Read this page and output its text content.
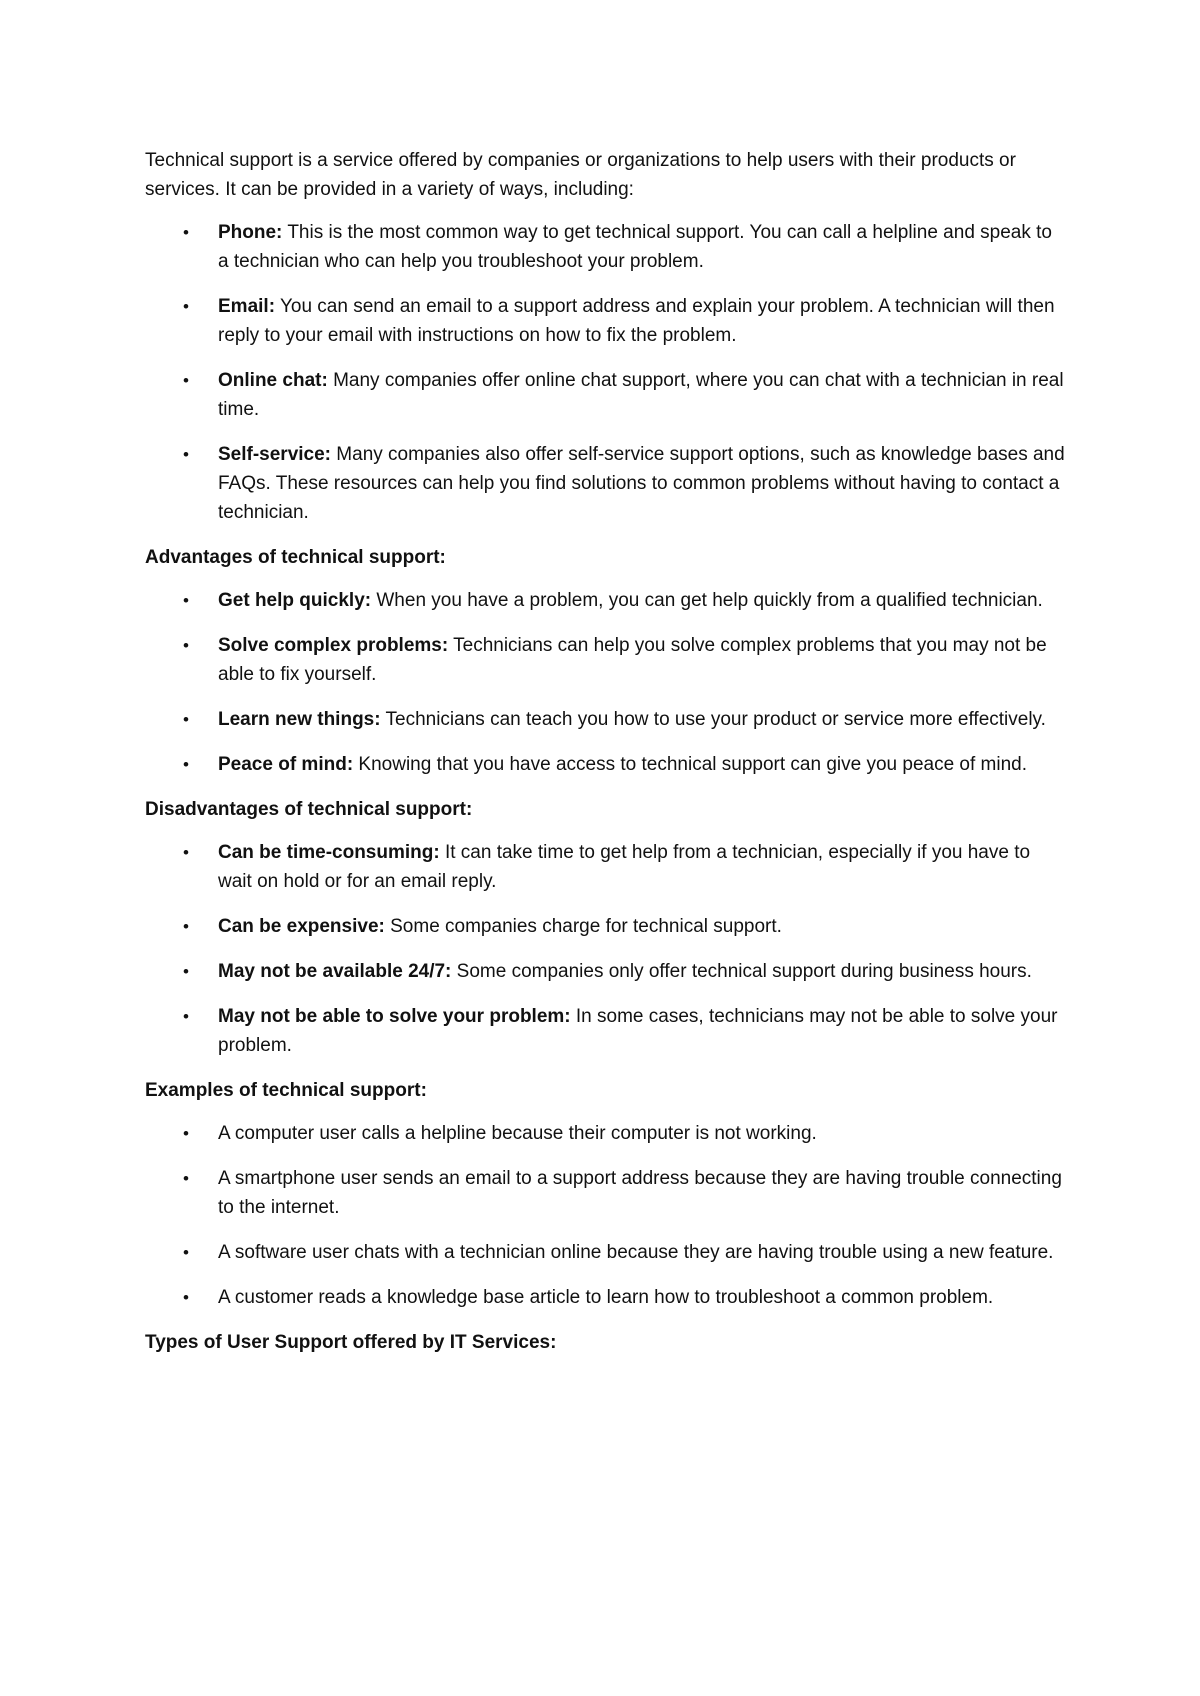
Technical support is a service offered by companies or organizations to help users with their products or services. It can be provided in a variety of ways, including:

• Phone: This is the most common way to get technical support. You can call a helpline and speak to a technician who can help you troubleshoot your problem.
• Email: You can send an email to a support address and explain your problem. A technician will then reply to your email with instructions on how to fix the problem.
• Online chat: Many companies offer online chat support, where you can chat with a technician in real time.
• Self-service: Many companies also offer self-service support options, such as knowledge bases and FAQs. These resources can help you find solutions to common problems without having to contact a technician.

Advantages of technical support:

• Get help quickly: When you have a problem, you can get help quickly from a qualified technician.
• Solve complex problems: Technicians can help you solve complex problems that you may not be able to fix yourself.
• Learn new things: Technicians can teach you how to use your product or service more effectively.
• Peace of mind: Knowing that you have access to technical support can give you peace of mind.

Disadvantages of technical support:

• Can be time-consuming: It can take time to get help from a technician, especially if you have to wait on hold or for an email reply.
• Can be expensive: Some companies charge for technical support.
• May not be available 24/7: Some companies only offer technical support during business hours.
• May not be able to solve your problem: In some cases, technicians may not be able to solve your problem.

Examples of technical support:

• A computer user calls a helpline because their computer is not working.
• A smartphone user sends an email to a support address because they are having trouble connecting to the internet.
• A software user chats with a technician online because they are having trouble using a new feature.
• A customer reads a knowledge base article to learn how to troubleshoot a common problem.

Types of User Support offered by IT Services:
